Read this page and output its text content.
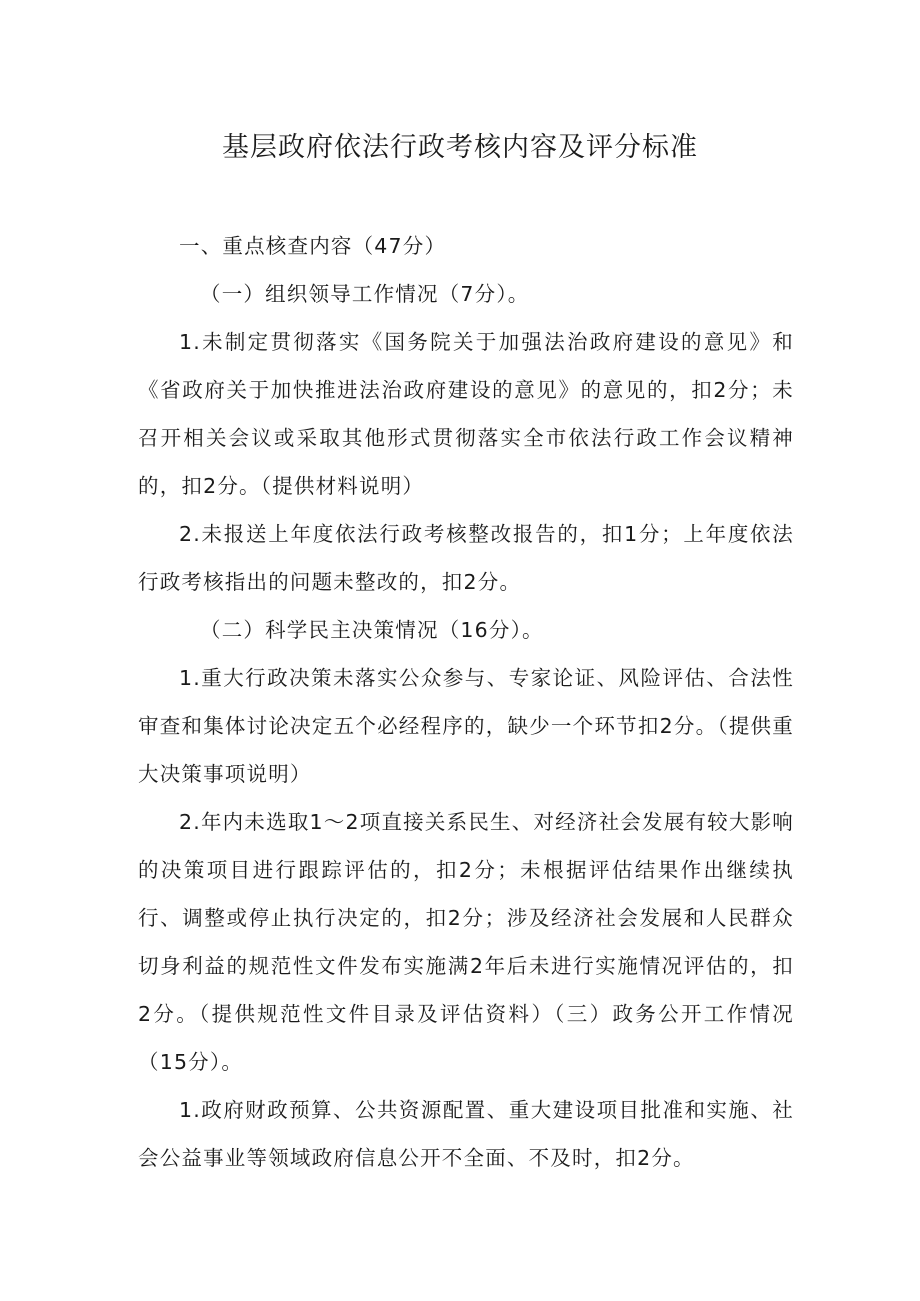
基层政府依法行政考核内容及评分标准

一、重点核查内容（47分）

（一）组织领导工作情况（7分）。

1.未制定贯彻落实《国务院关于加强法治政府建设的意见》和《省政府关于加快推进法治政府建设的意见》的意见的，扣2分；未召开相关会议或采取其他形式贯彻落实全市依法行政工作会议精神的，扣2分。（提供材料说明）

2.未报送上年度依法行政考核整改报告的，扣1分；上年度依法行政考核指出的问题未整改的，扣2分。

（二）科学民主决策情况（16分）。

1.重大行政决策未落实公众参与、专家论证、风险评估、合法性审查和集体讨论决定五个必经程序的，缺少一个环节扣2分。（提供重大决策事项说明）

2.年内未选取1〜2项直接关系民生、对经济社会发展有较大影响的决策项目进行跟踪评估的，扣2分；未根据评估结果作出继续执行、调整或停止执行决定的，扣2分；涉及经济社会发展和人民群众切身利益的规范性文件发布实施满2年后未进行实施情况评估的，扣2分。（提供规范性文件目录及评估资料）（三）政务公开工作情况（15分）。

1.政府财政预算、公共资源配置、重大建设项目批准和实施、社会公益事业等领域政府信息公开不全面、不及时，扣2分。
